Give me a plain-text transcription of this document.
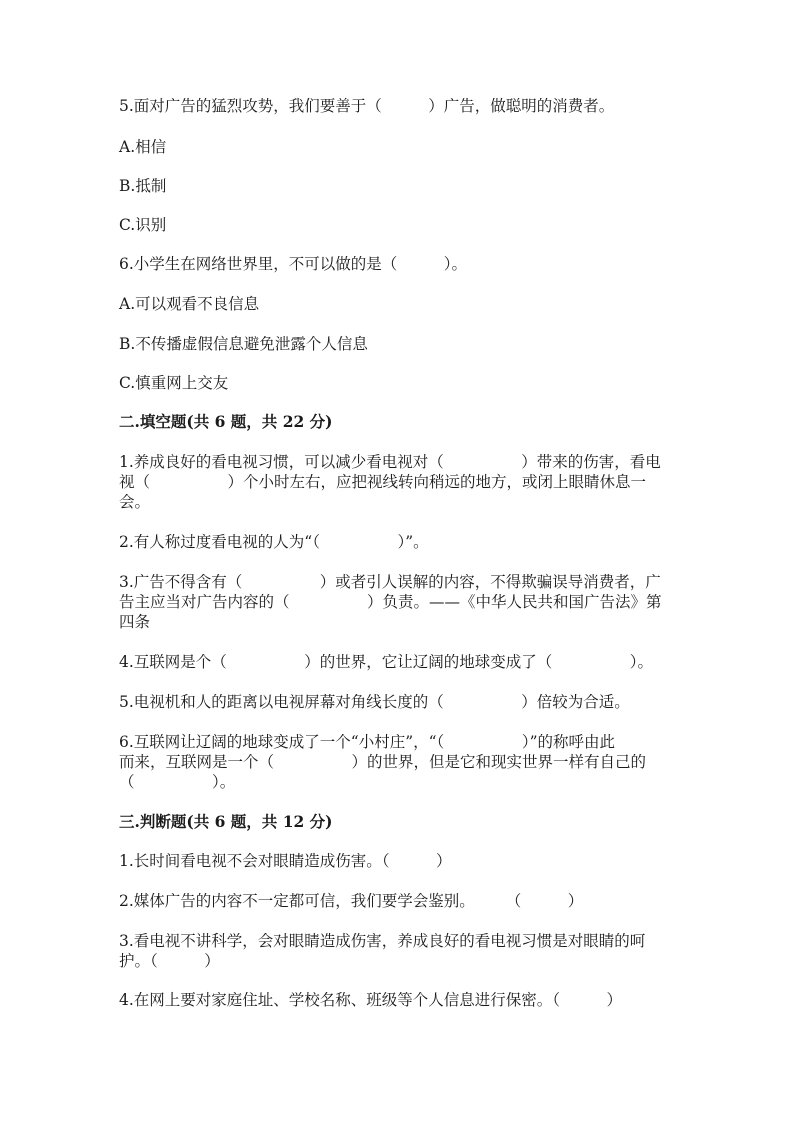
5.面对广告的猛烈攻势，我们要善于（　　　）广告，做聪明的消费者。
A.相信
B.抵制
C.识别
6.小学生在网络世界里，不可以做的是（　　　）。
A.可以观看不良信息
B.不传播虚假信息避免泄露个人信息
C.慎重网上交友
二.填空题(共 6 题，共 22 分)
1.养成良好的看电视习惯，可以减少看电视对（　　　　　）带来的伤害，看电
视（　　　　　）个小时左右，应把视线转向稍远的地方，或闭上眼睛休息一
会。
2.有人称过度看电视的人为“（　　　　　）”。
3.广告不得含有（　　　　　）或者引人误解的内容，不得欺骗误导消费者，广
告主应当对广告内容的（　　　　　）负责。——《中华人民共和国广告法》第
四条
4.互联网是个（　　　　　）的世界，它让辽阔的地球变成了（　　　　　）。
5.电视机和人的距离以电视屏幕对角线长度的（　　　　　）倍较为合适。
6.互联网让辽阔的地球变成了一个“小村庄”，“（　　　　　）”的称呼由此
而来，互联网是一个（　　　　　）的世界，但是它和现实世界一样有自己的
（　　　　　）。
三.判断题(共 6 题，共 12 分)
1.长时间看电视不会对眼睛造成伤害。（　　　）
2.媒体广告的内容不一定都可信，我们要学会鉴别。　　　（　　　）
3.看电视不讲科学，会对眼睛造成伤害，养成良好的看电视习惯是对眼睛的呵
护。（　　　）
4.在网上要对家庭住址、学校名称、班级等个人信息进行保密。（　　　）
